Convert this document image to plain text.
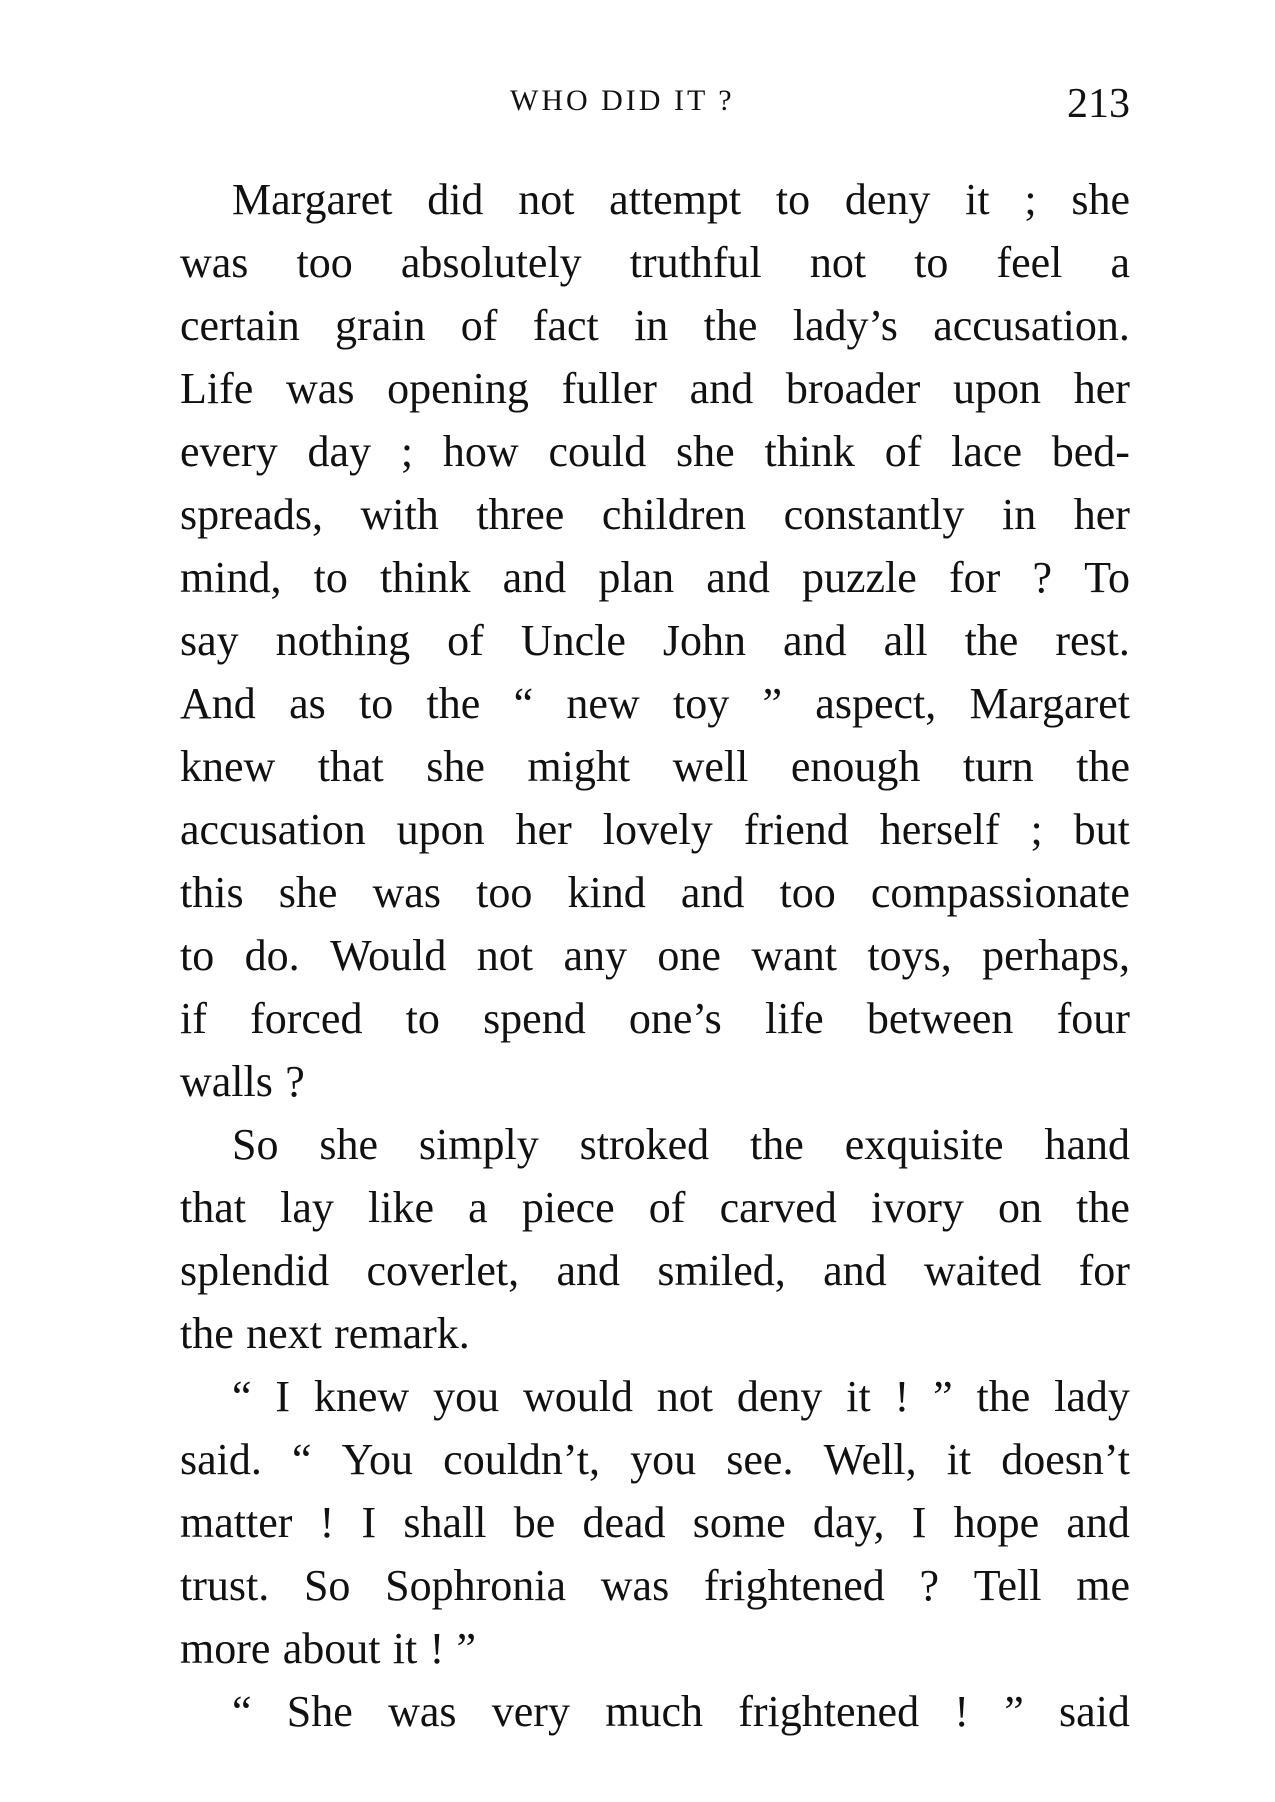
WHO DID IT ?	213
Margaret did not attempt to deny it ; she
was too absolutely truthful not to feel a
certain grain of fact in the lady’s accusation.
Life was opening fuller and broader upon her
every day ; how could she think of lace bed-
spreads, with three children constantly in her
mind, to think and plan and puzzle for ? To
say nothing of Uncle John and all the rest.
And as to the “ new toy ” aspect, Margaret
knew that she might well enough turn the
accusation upon her lovely friend herself ; but
this she was too kind and too compassionate
to do. Would not any one want toys, perhaps,
if forced to spend one’s life between four
walls ?
So she simply stroked the exquisite hand
that lay like a piece of carved ivory on the
splendid coverlet, and smiled, and waited for
the next remark.
“ I knew you would not deny it ! ” the lady
said. “ You couldn’t, you see. Well, it doesn’t
matter ! I shall be dead some day, I hope and
trust. So Sophronia was frightened ? Tell me
more about it ! ”
“ She was very much frightened ! ” said
